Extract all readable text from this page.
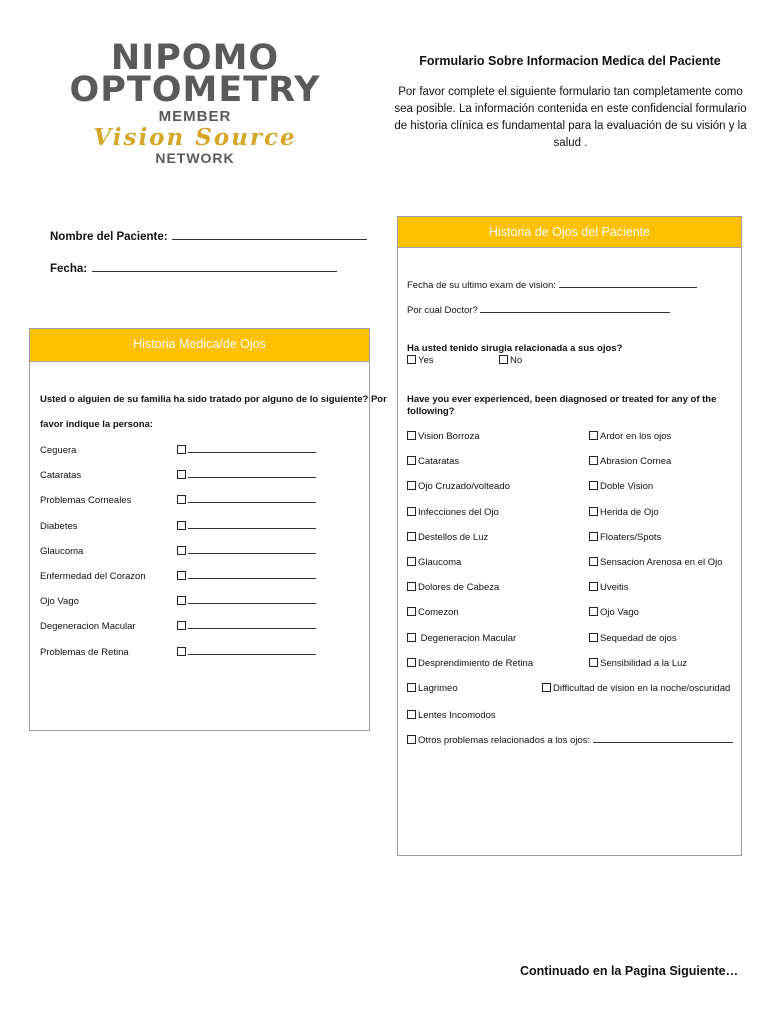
NIPOMO
OPTOMETRY
MEMBER
Vision Source
NETWORK
Formulario Sobre Informacion Medica del Paciente
Por favor complete el siguiente formulario tan completamente como sea posible. La información contenida en este confidencial formulario de historia clínica es fundamental para la evaluación de su visión y la salud .
Nombre del Paciente:
Fecha:
Historia Medica/de Ojos
Usted o alguien de su familia ha sido tratado por alguno de lo siguiente? Por
favor indique la persona:
Ceguera
Cataratas
Problemas Corneales
Diabetes
Glaucoma
Enfermedad del Corazon
Ojo Vago
Degeneracion Macular
Problemas de Retina
Historia de Ojos del Paciente
Fecha de su ultimo exam de vision:
Por cual Doctor?
Ha usted tenido sirugia relacionada a sus ojos?
Yes	No
Have you ever experienced, been diagnosed or treated for any of the following?
Vision Borroza
Cataratas
Ojo Cruzado/volteado
Infecciones del Ojo
Destellos de Luz
Glaucoma
Dolores de Cabeza
Comezon
Degeneracion Macular
Desprendimiento de Retina
Lagrimeo
Ardor en los ojos
Abrasion Cornea
Doble Vision
Herida de Ojo
Floaters/Spots
Sensacion Arenosa en el Ojo
Uveitis
Ojo Vago
Sequedad de ojos
Sensibilidad a la Luz
Difficultad de vision en la noche/oscuridad
Lentes Incomodos
Otros problemas relacionados a los ojos:
Continuado en la Pagina Siguiente…
